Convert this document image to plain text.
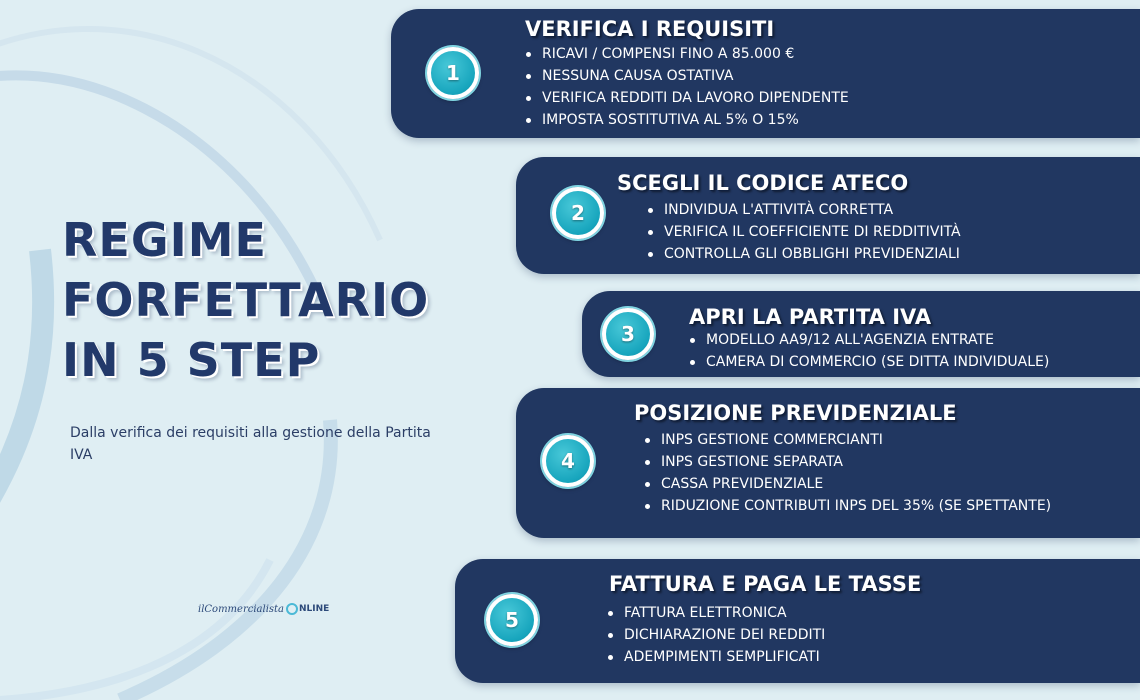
REGIME
FORFETTARIO
IN 5 STEP
Dalla verifica dei requisiti alla gestione della Partita IVA
il Commercialista NLINE
1
VERIFICA I REQUISITI
RICAVI / COMPENSI FINO A 85.000 €
NESSUNA CAUSA OSTATIVA
VERIFICA REDDITI DA LAVORO DIPENDENTE
IMPOSTA SOSTITUTIVA AL 5% O 15%
2
SCEGLI IL CODICE ATECO
INDIVIDUA L'ATTIVITÀ CORRETTA
VERIFICA IL COEFFICIENTE DI REDDITIVITÀ
CONTROLLA GLI OBBLIGHI PREVIDENZIALI
3
APRI LA PARTITA IVA
MODELLO AA9/12 ALL'AGENZIA ENTRATE
CAMERA DI COMMERCIO (SE DITTA INDIVIDUALE)
4
POSIZIONE PREVIDENZIALE
INPS GESTIONE COMMERCIANTI
INPS GESTIONE SEPARATA
CASSA PREVIDENZIALE
RIDUZIONE CONTRIBUTI INPS DEL 35% (SE SPETTANTE)
5
FATTURA E PAGA LE TASSE
FATTURA ELETTRONICA
DICHIARAZIONE DEI REDDITI
ADEMPIMENTI SEMPLIFICATI
